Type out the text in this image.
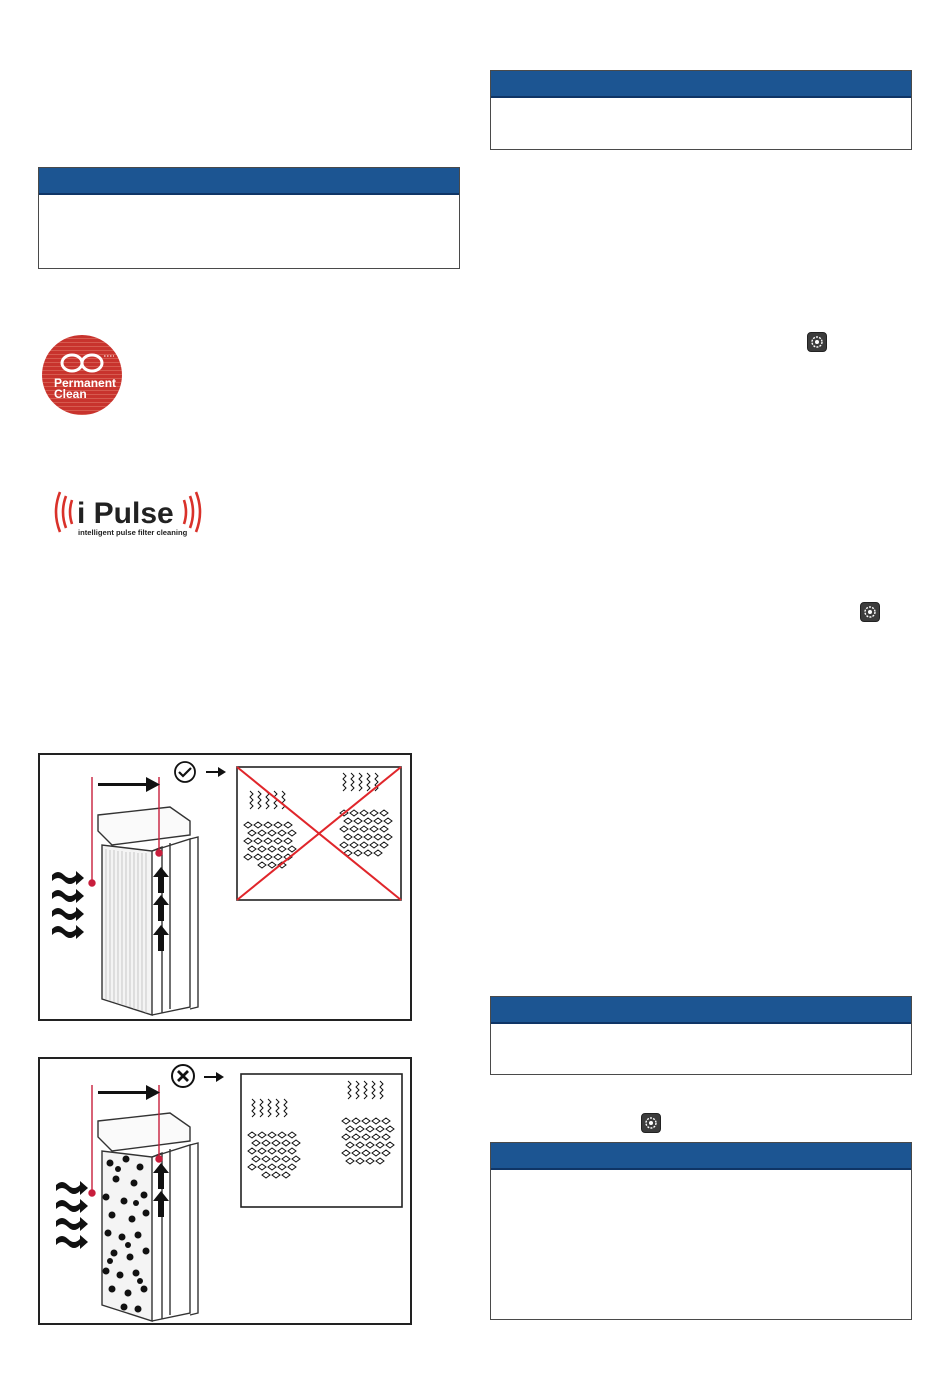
Permanent
Clean
i Pulse
intelligent pulse filter cleaning
